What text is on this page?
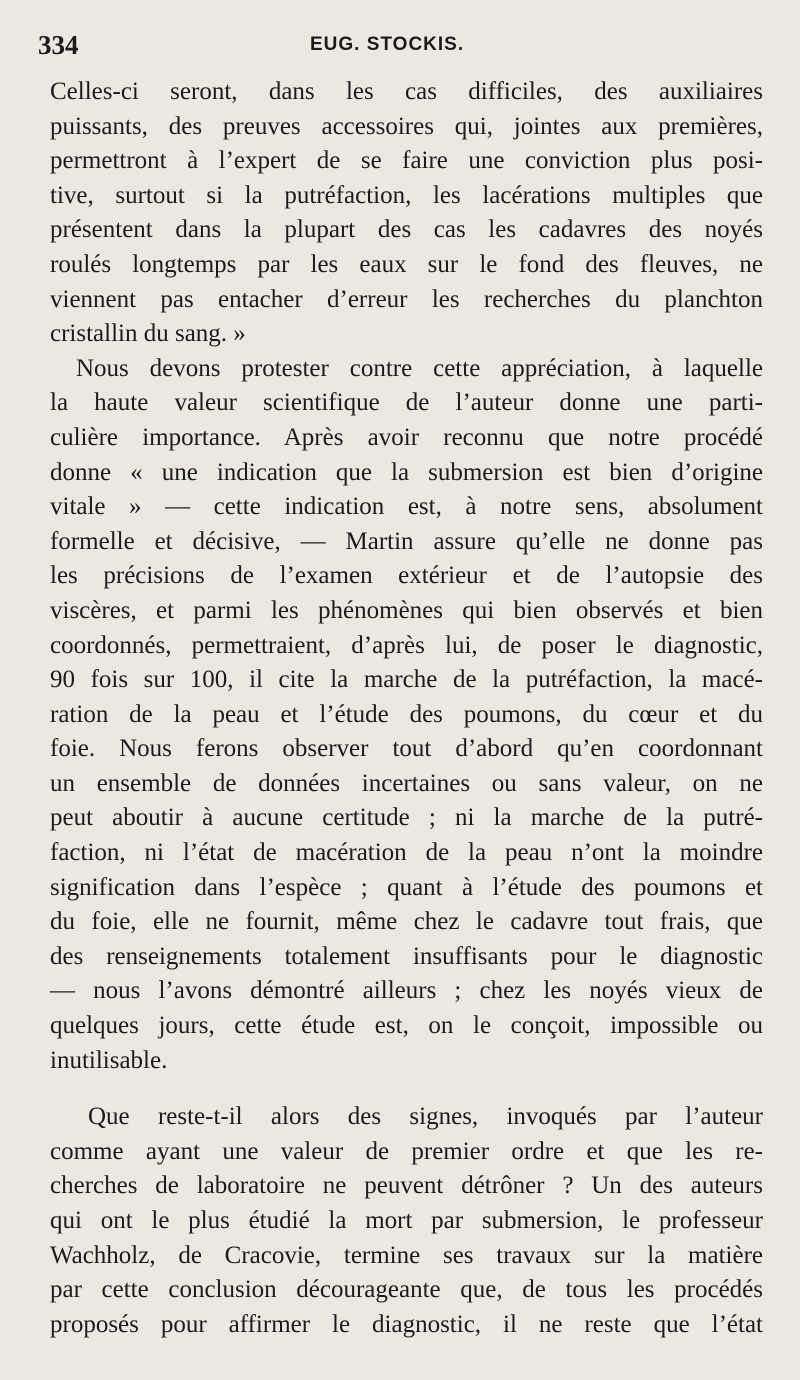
334	EUG. STOCKIS.
Celles-ci seront, dans les cas difficiles, des auxiliaires
puissants, des preuves accessoires qui, jointes aux premières,
permettront à l’expert de se faire une conviction plus posi-
tive, surtout si la putréfaction, les lacérations multiples que
présentent dans la plupart des cas les cadavres des noyés
roulés longtemps par les eaux sur le fond des fleuves, ne
viennent pas entacher d’erreur les recherches du planchton
cristallin du sang. »
Nous devons protester contre cette appréciation, à laquelle
la haute valeur scientifique de l’auteur donne une parti-
culière importance. Après avoir reconnu que notre procédé
donne « une indication que la submersion est bien d’origine
vitale » — cette indication est, à notre sens, absolument
formelle et décisive, — Martin assure qu’elle ne donne pas
les précisions de l’examen extérieur et de l’autopsie des
viscères, et parmi les phénomènes qui bien observés et bien
coordonnés, permettraient, d’après lui, de poser le diagnostic,
90 fois sur 100, il cite la marche de la putréfaction, la macé-
ration de la peau et l’étude des poumons, du cœur et du
foie. Nous ferons observer tout d’abord qu’en coordonnant
un ensemble de données incertaines ou sans valeur, on ne
peut aboutir à aucune certitude ; ni la marche de la putré-
faction, ni l’état de macération de la peau n’ont la moindre
signification dans l’espèce ; quant à l’étude des poumons et
du foie, elle ne fournit, même chez le cadavre tout frais, que
des renseignements totalement insuffisants pour le diagnostic
— nous l’avons démontré ailleurs ; chez les noyés vieux de
quelques jours, cette étude est, on le conçoit, impossible ou
inutilisable.
Que reste-t-il alors des signes, invoqués par l’auteur
comme ayant une valeur de premier ordre et que les re-
cherches de laboratoire ne peuvent détrôner ? Un des auteurs
qui ont le plus étudié la mort par submersion, le professeur
Wachholz, de Cracovie, termine ses travaux sur la matière
par cette conclusion décourageante que, de tous les procédés
proposés pour affirmer le diagnostic, il ne reste que l’état
